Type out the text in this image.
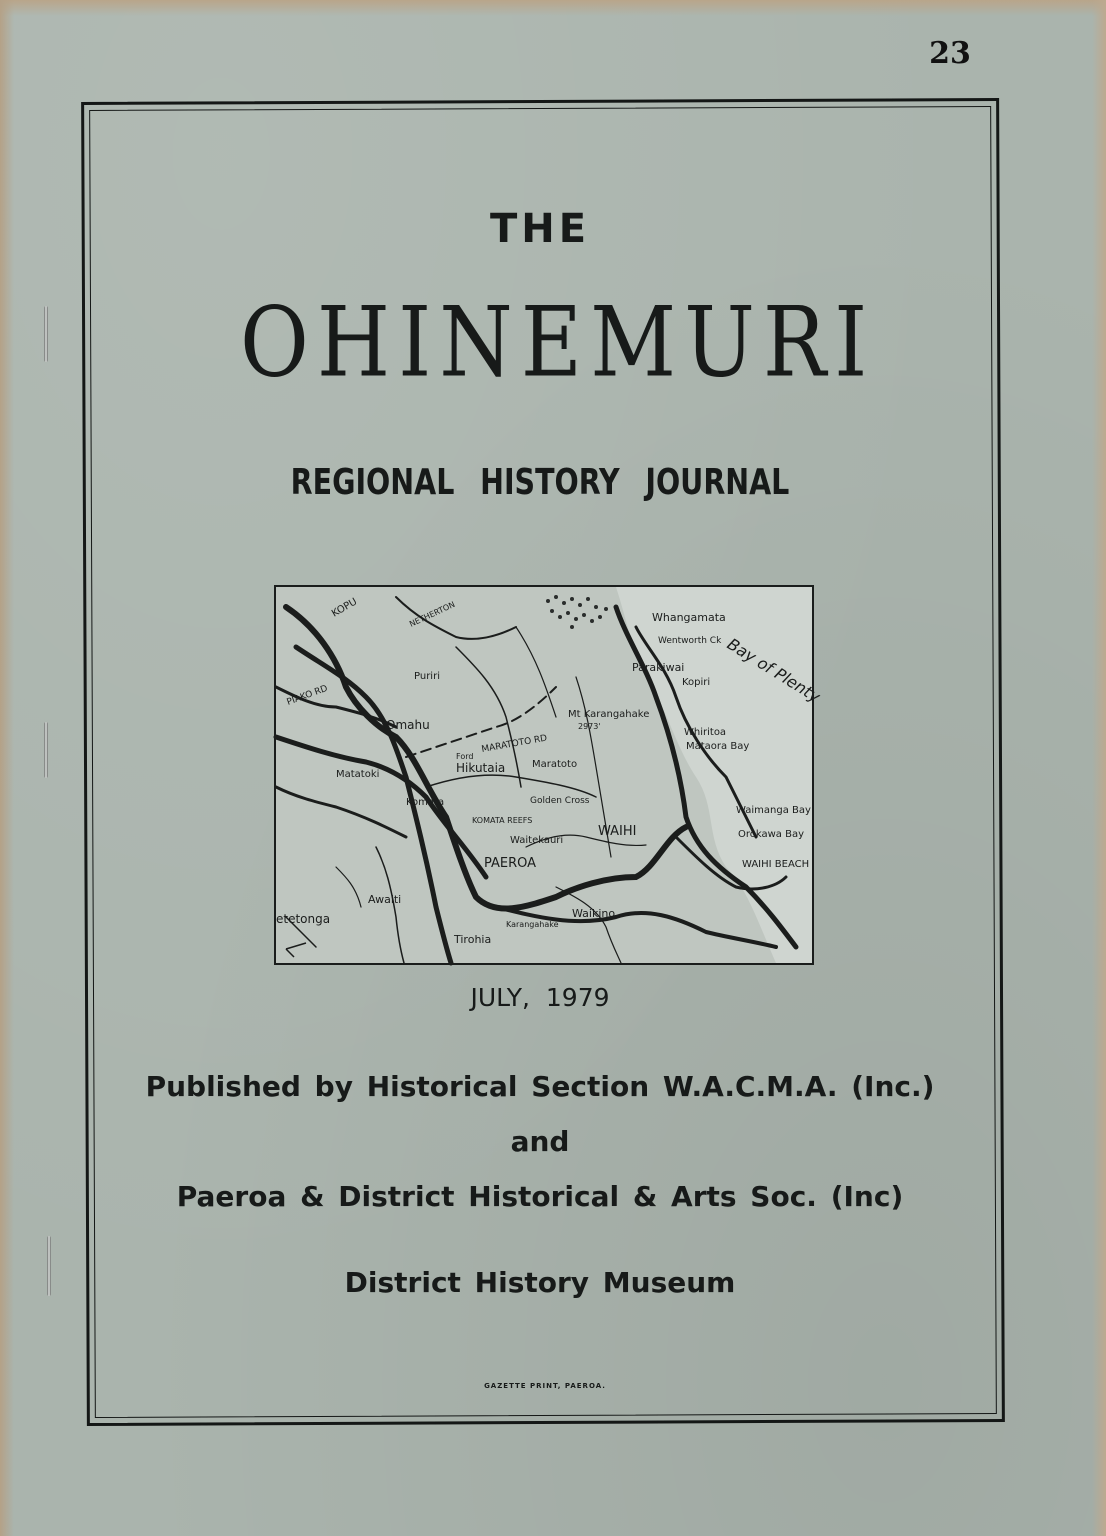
23
THE
OHINEMURI
REGIONAL HISTORY JOURNAL
KOPU	NETHERTON
PIAKO RD
Puriri
Omahu
Matatoki	Hikutaia
MARATOTO RD
Ford
Mt Karangahake
2973'
Maratoto
Golden Cross
Komata
KOMATA REEFS
Waitekauri
WAIHI
PAEROA
Awaiti
etetonga
Tirohia
Karangahake
Waikino
Whangamata
Wentworth Ck
Parakiwai
Kopiri
Whiritoa
Mataora Bay
Waimanga Bay
Orokawa Bay
WAIHI BEACH
Bay of Plenty
JULY, 1979
Published by Historical Section W.A.C.M.A. (Inc.)
and
Paeroa & District Historical & Arts Soc. (Inc)
District History Museum
GAZETTE PRINT, PAEROA.
